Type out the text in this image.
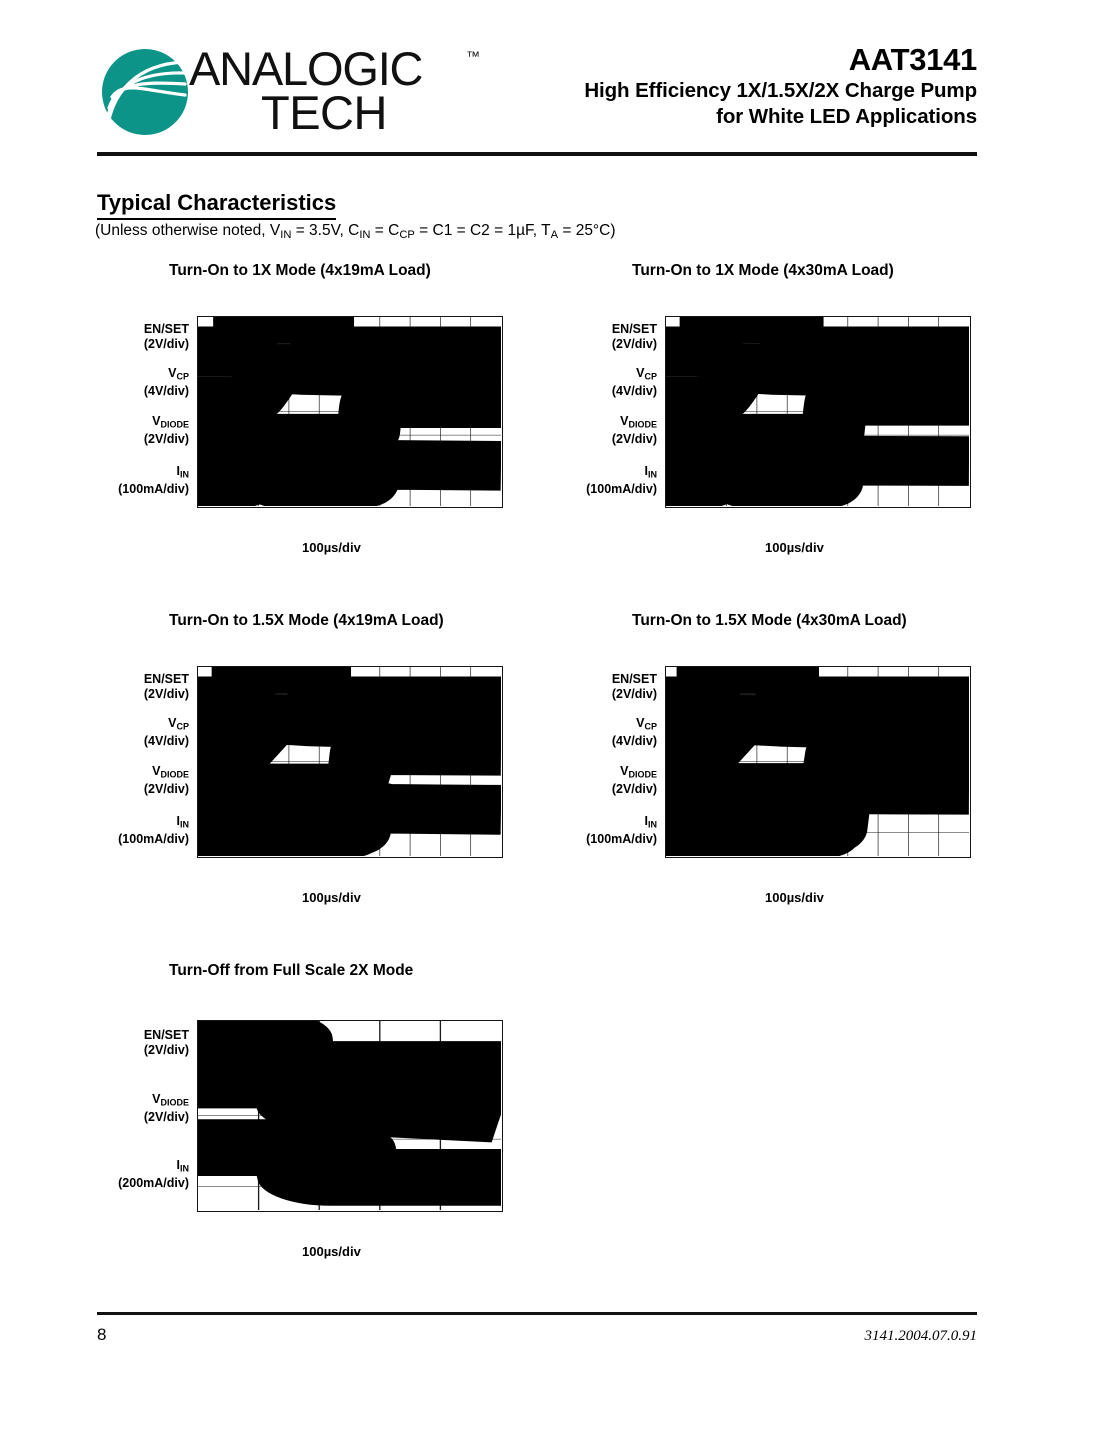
ANALOGIC	™
TECH
AAT3141
High Efficiency 1X/1.5X/2X Charge Pump
for White LED Applications
Typical Characteristics
(Unless otherwise noted, $V_{IN} = 3.5V$, $C_{IN} = C_{CP} = C1 = C2 = 1\mu F$, $T_A = 25^\circ C$)
Turn-On to 1X Mode (4x19mA Load)
EN/SET
(2V/div)
$V_{CP}$
(4V/div)
$V_{DIODE}$
(2V/div)
$I_{IN}$
(100mA/div)
100µs/div
Turn-On to 1X Mode (4x30mA Load)
EN/SET
(2V/div)
$V_{CP}$
(4V/div)
$V_{DIODE}$
(2V/div)
$I_{IN}$
(100mA/div)
100µs/div
Turn-On to 1.5X Mode (4x19mA Load)
EN/SET
(2V/div)
$V_{CP}$
(4V/div)
$V_{DIODE}$
(2V/div)
$I_{IN}$
(100mA/div)
100µs/div
Turn-On to 1.5X Mode (4x30mA Load)
EN/SET
(2V/div)
$V_{CP}$
(4V/div)
$V_{DIODE}$
(2V/div)
$I_{IN}$
(100mA/div)
100µs/div
Turn-Off from Full Scale 2X Mode
EN/SET
(2V/div)
$V_{DIODE}$
(2V/div)
$I_{IN}$
(200mA/div)
100µs/div
8	3141.2004.07.0.91
